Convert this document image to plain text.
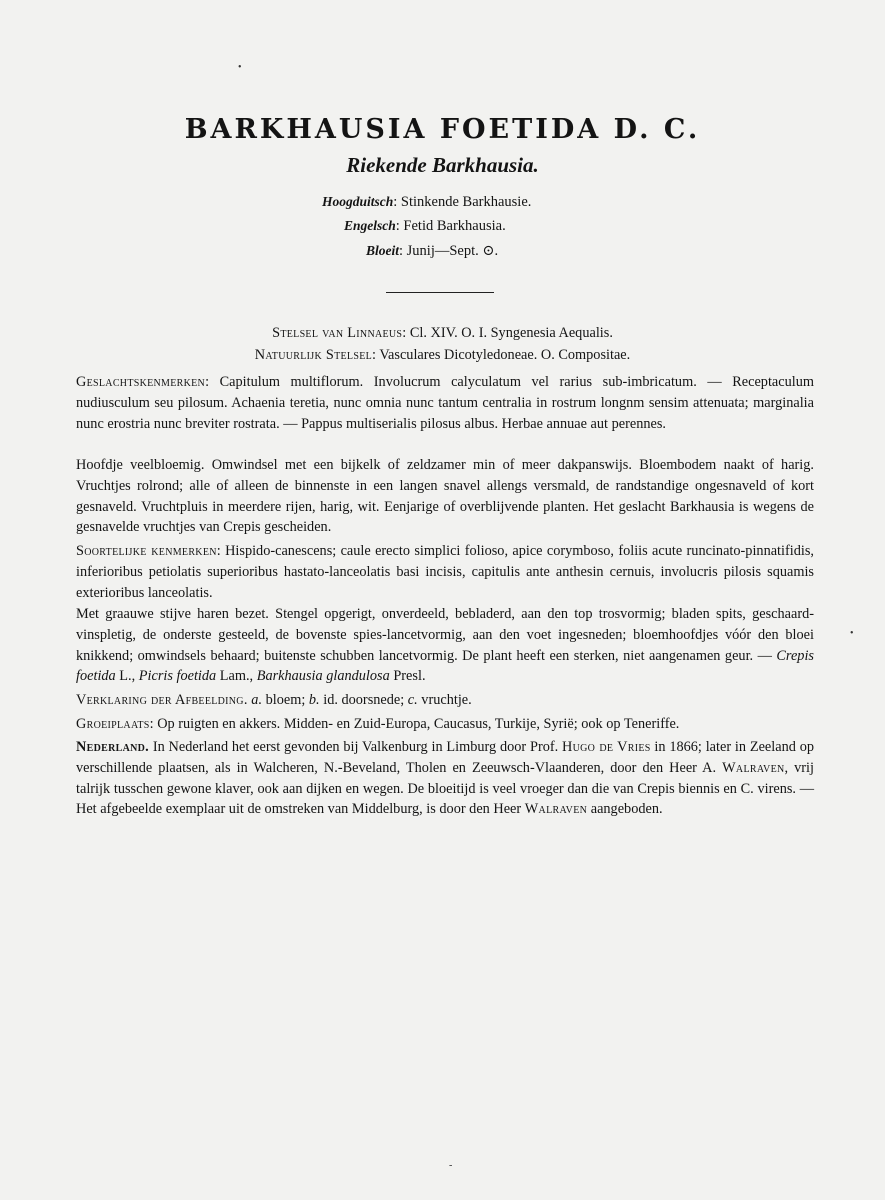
BARKHAUSIA FOETIDA D. C.
Riekende Barkhausia.
Hoogduitsch: Stinkende Barkhausie.
Engelsch: Fetid Barkhausia.
Bloeit: Junij—Sept. ⊙.
Stelsel van Linnaeus: Cl. XIV. O. I. Syngenesia Aequalis.
Natuurlijk Stelsel: Vasculares Dicotyledoneae. O. Compositae.
Geslachtskenmerken: Capitulum multiflorum. Involucrum calyculatum vel rarius sub-imbricatum. — Receptaculum nudiusculum seu pilosum. Achaenia teretia, nunc omnia nunc tantum centralia in rostrum longnm sensim attenuata; marginalia nunc erostria nunc breviter rostrata. — Pappus multiserialis pilosus albus. Herbae annuae aut perennes.
Hoofdje veelbloemig. Omwindsel met een bijkelk of zeldzamer min of meer dakpanswijs. Bloembodem naakt of harig. Vruchtjes rolrond; alle of alleen de binnenste in een langen snavel allengs versmald, de randstandige ongesnaveld of kort gesnaveld. Vruchtpluis in meerdere rijen, harig, wit. Eenjarige of overblijvende planten. Het geslacht Barkhausia is wegens de gesnavelde vruchtjes van Crepis gescheiden.
Soortelijke kenmerken: Hispido-canescens; caule erecto simplici folioso, apice corymboso, foliis acute runcinato-pinnatifidis, inferioribus petiolatis superioribus hastato-lanceolatis basi incisis, capitulis ante anthesin cernuis, involucris pilosis squamis exterioribus lanceolatis.
Met graauwe stijve haren bezet. Stengel opgerigt, onverdeeld, bebladerd, aan den top trosvormig; bladen spits, geschaard-vinspletig, de onderste gesteeld, de bovenste spies-lancetvormig, aan den voet ingesneden; bloemhoofdjes vóór den bloei knikkend; omwindsels behaard; buitenste schubben lancetvormig. De plant heeft een sterken, niet aangenamen geur. — Crepis foetida L., Picris foetida Lam., Barkhausia glandulosa Presl.
Verklaring der Afbeelding. a. bloem; b. id. doorsnede; c. vruchtje.
Groeiplaats: Op ruigten en akkers. Midden- en Zuid-Europa, Caucasus, Turkije, Syrië; ook op Teneriffe.
Nederland. In Nederland het eerst gevonden bij Valkenburg in Limburg door Prof. Hugo de Vries in 1866; later in Zeeland op verschillende plaatsen, als in Walcheren, N.-Beveland, Tholen en Zeeuwsch-Vlaanderen, door den Heer A. Walraven, vrij talrijk tusschen gewone klaver, ook aan dijken en wegen. De bloeitijd is veel vroeger dan die van Crepis biennis en C. virens. — Het afgebeelde exemplaar uit de omstreken van Middelburg, is door den Heer Walraven aangeboden.
•
•
-
